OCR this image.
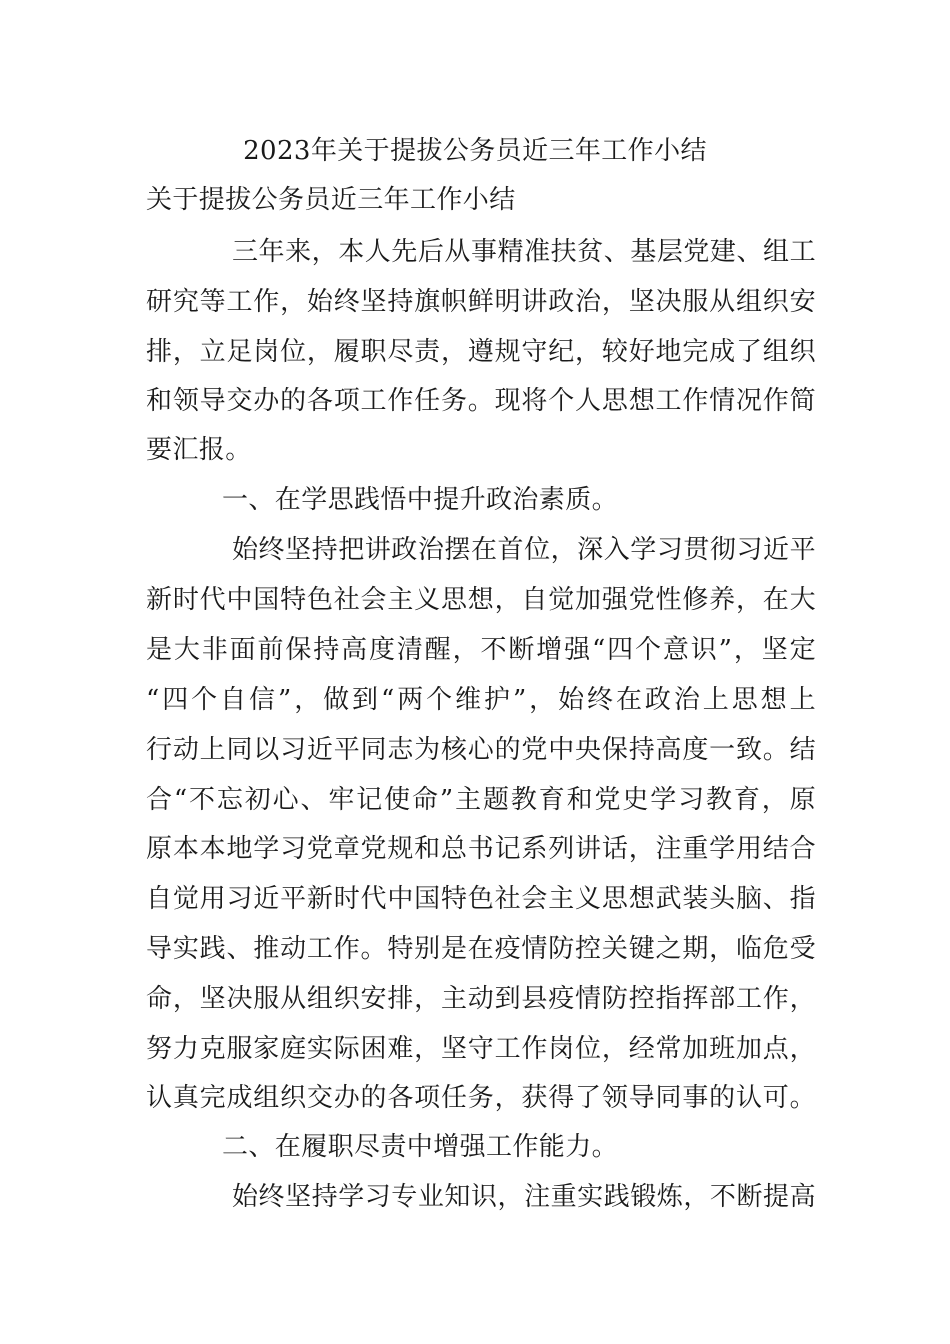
2023年关于提拔公务员近三年工作小结
关于提拔公务员近三年工作小结
三年来，本人先后从事精准扶贫、基层党建、组工
研究等工作，始终坚持旗帜鲜明讲政治，坚决服从组织安
排，立足岗位，履职尽责，遵规守纪，较好地完成了组织
和领导交办的各项工作任务。现将个人思想工作情况作简
要汇报。
一、在学思践悟中提升政治素质。
始终坚持把讲政治摆在首位，深入学习贯彻习近平
新时代中国特色社会主义思想，自觉加强党性修养，在大
是大非面前保持高度清醒，不断增强“四个意识”，坚定
“四个自信”，做到“两个维护”，始终在政治上思想上
行动上同以习近平同志为核心的党中央保持高度一致。结
合“不忘初心、牢记使命”主题教育和党史学习教育，原
原本本地学习党章党规和总书记系列讲话，注重学用结合
自觉用习近平新时代中国特色社会主义思想武装头脑、指
导实践、推动工作。特别是在疫情防控关键之期，临危受
命，坚决服从组织安排，主动到县疫情防控指挥部工作，
努力克服家庭实际困难，坚守工作岗位，经常加班加点，
认真完成组织交办的各项任务，获得了领导同事的认可。
二、在履职尽责中增强工作能力。
始终坚持学习专业知识，注重实践锻炼，不断提高
